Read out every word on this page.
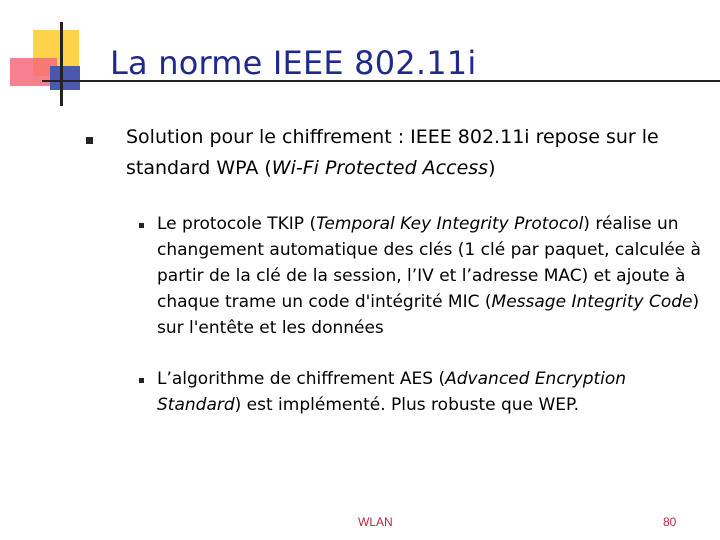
La norme IEEE 802.11i
Solution pour le chiffrement : IEEE 802.11i repose sur le standard WPA (Wi-Fi Protected Access)
Le protocole TKIP (Temporal Key Integrity Protocol) réalise un changement automatique des clés (1 clé par paquet, calculée à partir de la clé de la session, l’IV et l’adresse MAC) et ajoute à chaque trame un code d'intégrité MIC (Message Integrity Code) sur l'entête et les données
L’algorithme de chiffrement AES (Advanced Encryption Standard) est implémenté. Plus robuste que WEP.
WLAN	80
